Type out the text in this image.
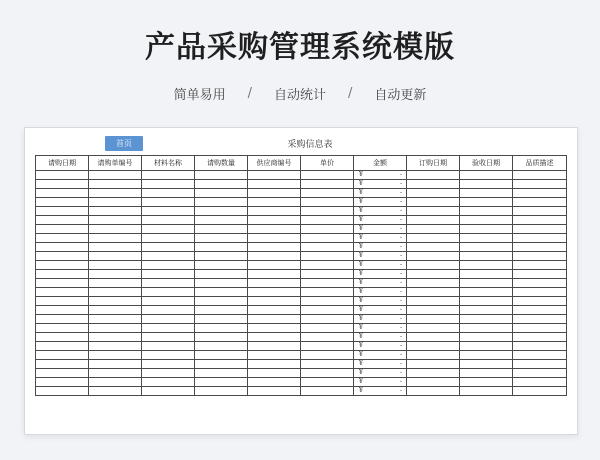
产品采购管理系统模版
简单易用 / 自动统计 / 自动更新
首页	采购信息表
请购日期	请购单编号	材料名称	请购数量	供应商编号	单价	金额	订购日期	验收日期	品质描述

						¥ -			

						¥ -			

						¥ -			

						¥ -			

						¥ -			

						¥ -			

						¥ -			

						¥ -			

						¥ -			

						¥ -			

						¥ -			

						¥ -			

						¥ -			

						¥ -			

						¥ -			

						¥ -			

						¥ -			

						¥ -			

						¥ -			

						¥ -			

						¥ -			

						¥ -			

						¥ -			

						¥ -			

						¥ -			
